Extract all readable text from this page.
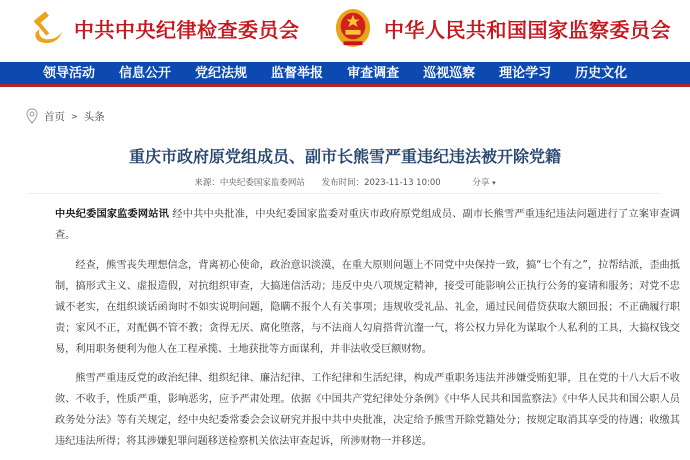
中共中央纪律检查委员会	中华人民共和国国家监察委员会
领导活动 信息公开 党纪法规 监督举报 审查调查 巡视巡察 理论学习 历史文化
首页 > 头条
重庆市政府原党组成员、副市长熊雪严重违纪违法被开除党籍
来源：中央纪委国家监委网站 发布时间：2023-11-13 10:00	分享 ▾

中央纪委国家监委网站讯 经中共中央批准，中央纪委国家监委对重庆市政府原党组成员、副市长熊雪严重违纪违法问题进行了立案审查调查。

经查，熊雪丧失理想信念，背离初心使命，政治意识淡漠，在重大原则问题上不同党中央保持一致，搞“七个有之”，拉帮结派，歪曲抵制，搞形式主义、虚报造假，对抗组织审查，大搞迷信活动；违反中央八项规定精神，接受可能影响公正执行公务的宴请和服务；对党不忠诚不老实，在组织谈话函询时不如实说明问题，隐瞒不报个人有关事项；违规收受礼品、礼金，通过民间借贷获取大额回报；不正确履行职责；家风不正，对配偶不管不教；贪得无厌、腐化堕落，与不法商人勾肩搭背沆瀣一气，将公权力异化为谋取个人私利的工具，大搞权钱交易，利用职务便利为他人在工程承揽、土地获批等方面谋利，并非法收受巨额财物。

熊雪严重违反党的政治纪律、组织纪律、廉洁纪律、工作纪律和生活纪律，构成严重职务违法并涉嫌受贿犯罪，且在党的十八大后不收敛、不收手，性质严重，影响恶劣，应予严肃处理。依据《中国共产党纪律处分条例》《中华人民共和国监察法》《中华人民共和国公职人员政务处分法》等有关规定，经中央纪委常委会会议研究并报中共中央批准，决定给予熊雪开除党籍处分；按规定取消其享受的待遇；收缴其违纪违法所得；将其涉嫌犯罪问题移送检察机关依法审查起诉，所涉财物一并移送。
